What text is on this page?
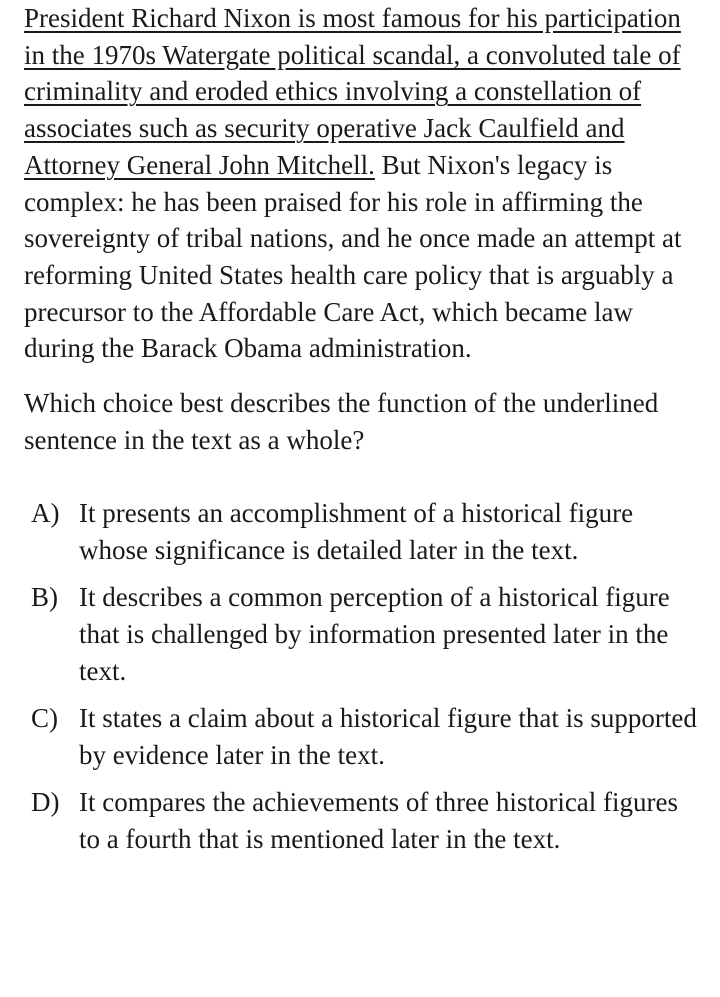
President Richard Nixon is most famous for his participation in the 1970s Watergate political scandal, a convoluted tale of criminality and eroded ethics involving a constellation of associates such as security operative Jack Caulfield and Attorney General John Mitchell. But Nixon's legacy is complex: he has been praised for his role in affirming the sovereignty of tribal nations, and he once made an attempt at reforming United States health care policy that is arguably a precursor to the Affordable Care Act, which became law during the Barack Obama administration.

Which choice best describes the function of the underlined sentence in the text as a whole?

A) It presents an accomplishment of a historical figure whose significance is detailed later in the text.
B) It describes a common perception of a historical figure that is challenged by information presented later in the text.
C) It states a claim about a historical figure that is supported by evidence later in the text.
D) It compares the achievements of three historical figures to a fourth that is mentioned later in the text.
